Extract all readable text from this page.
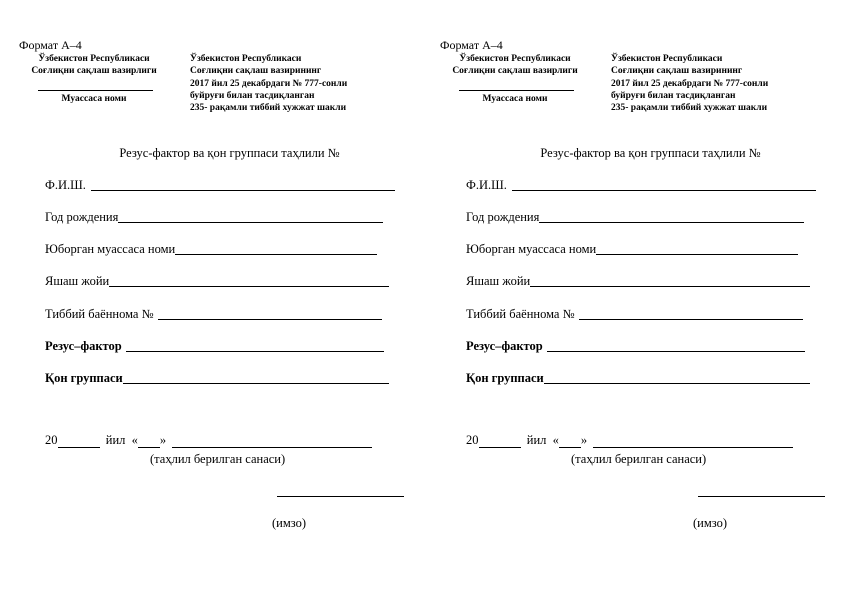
Формат А–4
Ўзбекистон Республикаси
Соғлиқни сақлаш вазирлиги
Муассаса номи
Ўзбекистон Республикаси
Соғлиқни сақлаш вазирининг
2017 йил 25 декабрдаги № 777-сонли
буйруғи билан тасдиқланган
235- рақамли тиббий хужжат шакли
Резус-фактор ва қон группаси таҳлили №
Ф.И.Ш.
Год рождения
Юборган муассаса номи
Яшаш жойи
Тиббий баённома №
Резус–фактор
Қон группаси
20	йил « »
(таҳлил берилган санаси)
(имзо)
Формат А–4
Ўзбекистон Республикаси
Соғлиқни сақлаш вазирлиги
Муассаса номи
Ўзбекистон Республикаси
Соғлиқни сақлаш вазирининг
2017 йил 25 декабрдаги № 777-сонли
буйруғи билан тасдиқланган
235- рақамли тиббий хужжат шакли
Резус-фактор ва қон группаси таҳлили №
Ф.И.Ш.
Год рождения
Юборган муассаса номи
Яшаш жойи
Тиббий баённома №
Резус–фактор
Қон группаси
20	йил « »
(таҳлил берилган санаси)
(имзо)
